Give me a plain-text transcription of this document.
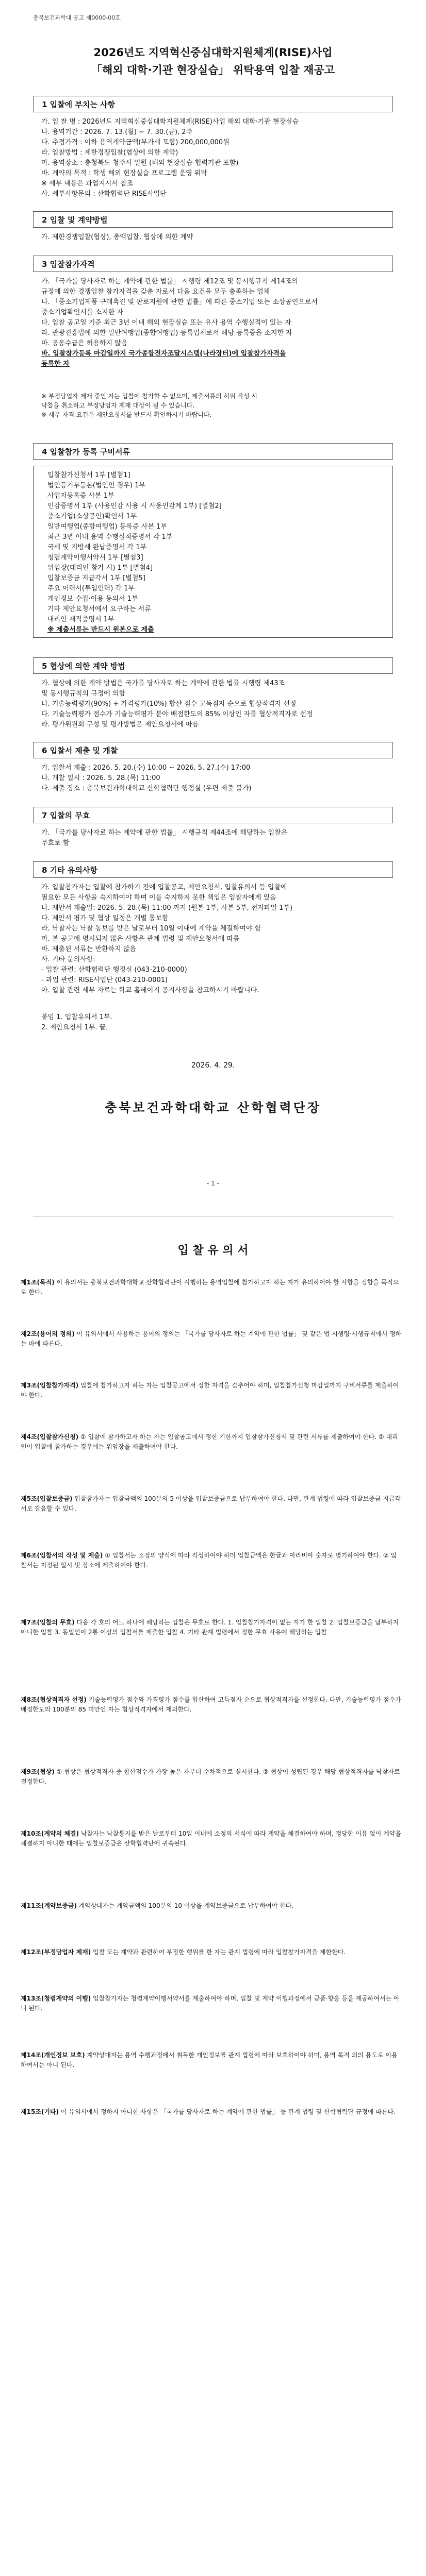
충북보건과학대 공고 제0000-00호
2026년도 지역혁신중심대학지원체계(RISE)사업
「해외 대학·기관 현장실습」 위탁용역 입찰 재공고
1 입찰에 부치는 사항
가. 입 찰 명 : 2026년도 지역혁신중심대학지원체계(RISE)사업 해외 대학·기관 현장실습
나. 용역기간 : 2026. 7. 13.(월) ~ 7. 30.(금), 2주
다. 추정가격 : 이하 용역계약금액(부가세 포함) 200,000,000원
라. 입찰방법 : 제한경쟁입찰(협상에 의한 계약)
마. 용역장소 : 충청북도 청주시 일원 (해외 현장실습 협력기관 포함)
바. 계약의 목적 : 학생 해외 현장실습 프로그램 운영 위탁
※ 세부 내용은 과업지시서 참조
사. 세부사항문의 : 산학협력단 RISE사업단
2 입찰 및 계약방법
가. 제한경쟁입찰(협상), 총액입찰, 협상에 의한 계약
3 입찰참가자격
가. 「국가를 당사자로 하는 계약에 관한 법률」 시행령 제12조 및 동시행규칙 제14조의
규정에 의한 경쟁입찰 참가자격을 갖춘 자로서 다음 요건을 모두 충족하는 업체
나. 「중소기업제품 구매촉진 및 판로지원에 관한 법률」에 따른 중소기업 또는 소상공인으로서
중소기업확인서를 소지한 자
다. 입찰 공고일 기준 최근 3년 이내 해외 현장실습 또는 유사 용역 수행실적이 있는 자
라. 관광진흥법에 의한 일반여행업(종합여행업) 등록업체로서 해당 등록증을 소지한 자
마. 공동수급은 허용하지 않음
바. 입찰참가등록 마감일까지 국가종합전자조달시스템(나라장터)에 입찰참가자격을
등록한 자
※ 부정당업자 제재 중인 자는 입찰에 참가할 수 없으며, 제출서류의 허위 작성 시
낙찰을 취소하고 부정당업자 제재 대상이 될 수 있습니다.
※ 세부 자격 요건은 제안요청서를 반드시 확인하시기 바랍니다.
4 입찰참가 등록 구비서류
입찰참가신청서 1부 [별첨1]
법인등기부등본(법인인 경우) 1부
사업자등록증 사본 1부
인감증명서 1부 (사용인감 사용 시 사용인감계 1부) [별첨2]
중소기업(소상공인)확인서 1부
일반여행업(종합여행업) 등록증 사본 1부
최근 3년 이내 용역 수행실적증명서 각 1부
국세 및 지방세 완납증명서 각 1부
청렴계약이행서약서 1부 [별첨3]
위임장(대리인 참가 시) 1부 [별첨4]
입찰보증금 지급각서 1부 [별첨5]
주요 이력서(투입인력) 각 1부
개인정보 수집·이용 동의서 1부
기타 제안요청서에서 요구하는 서류
대리인 재직증명서 1부
※ 제출서류는 반드시 원본으로 제출
5 협상에 의한 계약 방법
가. 협상에 의한 계약 방법은 국가를 당사자로 하는 계약에 관한 법률 시행령 제43조
및 동시행규칙의 규정에 의함
나. 기술능력평가(90%) + 가격평가(10%) 합산 점수 고득점자 순으로 협상적격자 선정
다. 기술능력평가 점수가 기술능력평가 분야 배점한도의 85% 이상인 자를 협상적격자로 선정
라. 평가위원회 구성 및 평가방법은 제안요청서에 따름
6 입찰서 제출 및 개찰
가. 입찰서 제출 : 2026. 5. 20.(수) 10:00 ~ 2026. 5. 27.(수) 17:00
나. 개찰 일시 : 2026. 5. 28.(목) 11:00
다. 제출 장소 : 충북보건과학대학교 산학협력단 행정실 (우편 제출 불가)
7 입찰의 무효
가. 「국가를 당사자로 하는 계약에 관한 법률」 시행규칙 제44조에 해당하는 입찰은
무효로 함
8 기타 유의사항
가. 입찰참가자는 입찰에 참가하기 전에 입찰공고, 제안요청서, 입찰유의서 등 입찰에
필요한 모든 사항을 숙지하여야 하며 이를 숙지하지 못한 책임은 입찰자에게 있음
나. 제안서 제출일: 2026. 5. 28.(목) 11:00 까지 (원본 1부, 사본 5부, 전자파일 1부)
다. 제안서 평가 및 협상 일정은 개별 통보함
라. 낙찰자는 낙찰 통보를 받은 날로부터 10일 이내에 계약을 체결하여야 함
마. 본 공고에 명시되지 않은 사항은 관계 법령 및 제안요청서에 따름
바. 제출된 서류는 반환하지 않음
사. 기타 문의사항:
- 입찰 관련: 산학협력단 행정실 (043-210-0000)
- 과업 관련: RISE사업단 (043-210-0001)
아. 입찰 관련 세부 자료는 학교 홈페이지 공지사항을 참고하시기 바랍니다.
붙임 1. 입찰유의서 1부.
2. 제안요청서 1부. 끝.
2026. 4. 29.
충북보건과학대학교 산학협력단장
- 1 -
입 찰 유 의 서
제1조(목적) 이 유의서는 충북보건과학대학교 산학협력단이 시행하는 용역입찰에 참가하고자 하는 자가 유의하여야 할 사항을 정함을 목적으로 한다.
제2조(용어의 정의) 이 유의서에서 사용하는 용어의 정의는 「국가를 당사자로 하는 계약에 관한 법률」 및 같은 법 시행령·시행규칙에서 정하는 바에 따른다.
제3조(입찰참가자격) 입찰에 참가하고자 하는 자는 입찰공고에서 정한 자격을 갖추어야 하며, 입찰참가신청 마감일까지 구비서류를 제출하여야 한다.
제4조(입찰참가신청) ① 입찰에 참가하고자 하는 자는 입찰공고에서 정한 기한까지 입찰참가신청서 및 관련 서류를 제출하여야 한다. ② 대리인이 입찰에 참가하는 경우에는 위임장을 제출하여야 한다.
제5조(입찰보증금) 입찰참가자는 입찰금액의 100분의 5 이상을 입찰보증금으로 납부하여야 한다. 다만, 관계 법령에 따라 입찰보증금 지급각서로 갈음할 수 있다.
제6조(입찰서의 작성 및 제출) ① 입찰서는 소정의 양식에 따라 작성하여야 하며 입찰금액은 한글과 아라비아 숫자로 병기하여야 한다. ② 입찰서는 지정된 일시 및 장소에 제출하여야 한다.
제7조(입찰의 무효) 다음 각 호의 어느 하나에 해당하는 입찰은 무효로 한다. 1. 입찰참가자격이 없는 자가 한 입찰 2. 입찰보증금을 납부하지 아니한 입찰 3. 동일인이 2통 이상의 입찰서를 제출한 입찰 4. 기타 관계 법령에서 정한 무효 사유에 해당하는 입찰
제8조(협상적격자 선정) 기술능력평가 점수와 가격평가 점수를 합산하여 고득점자 순으로 협상적격자를 선정한다. 다만, 기술능력평가 점수가 배점한도의 100분의 85 미만인 자는 협상적격자에서 제외한다.
제9조(협상) ① 협상은 협상적격자 중 합산점수가 가장 높은 자부터 순차적으로 실시한다. ② 협상이 성립된 경우 해당 협상적격자를 낙찰자로 결정한다.
제10조(계약의 체결) 낙찰자는 낙찰통지를 받은 날로부터 10일 이내에 소정의 서식에 따라 계약을 체결하여야 하며, 정당한 이유 없이 계약을 체결하지 아니한 때에는 입찰보증금은 산학협력단에 귀속된다.
제11조(계약보증금) 계약상대자는 계약금액의 100분의 10 이상을 계약보증금으로 납부하여야 한다.
제12조(부정당업자 제재) 입찰 또는 계약과 관련하여 부정한 행위를 한 자는 관계 법령에 따라 입찰참가자격을 제한한다.
제13조(청렴계약의 이행) 입찰참가자는 청렴계약이행서약서를 제출하여야 하며, 입찰 및 계약 이행과정에서 금품·향응 등을 제공하여서는 아니 된다.
제14조(개인정보 보호) 계약상대자는 용역 수행과정에서 취득한 개인정보를 관계 법령에 따라 보호하여야 하며, 용역 목적 외의 용도로 이용하여서는 아니 된다.
제15조(기타) 이 유의서에서 정하지 아니한 사항은 「국가를 당사자로 하는 계약에 관한 법률」 등 관계 법령 및 산학협력단 규정에 따른다.
